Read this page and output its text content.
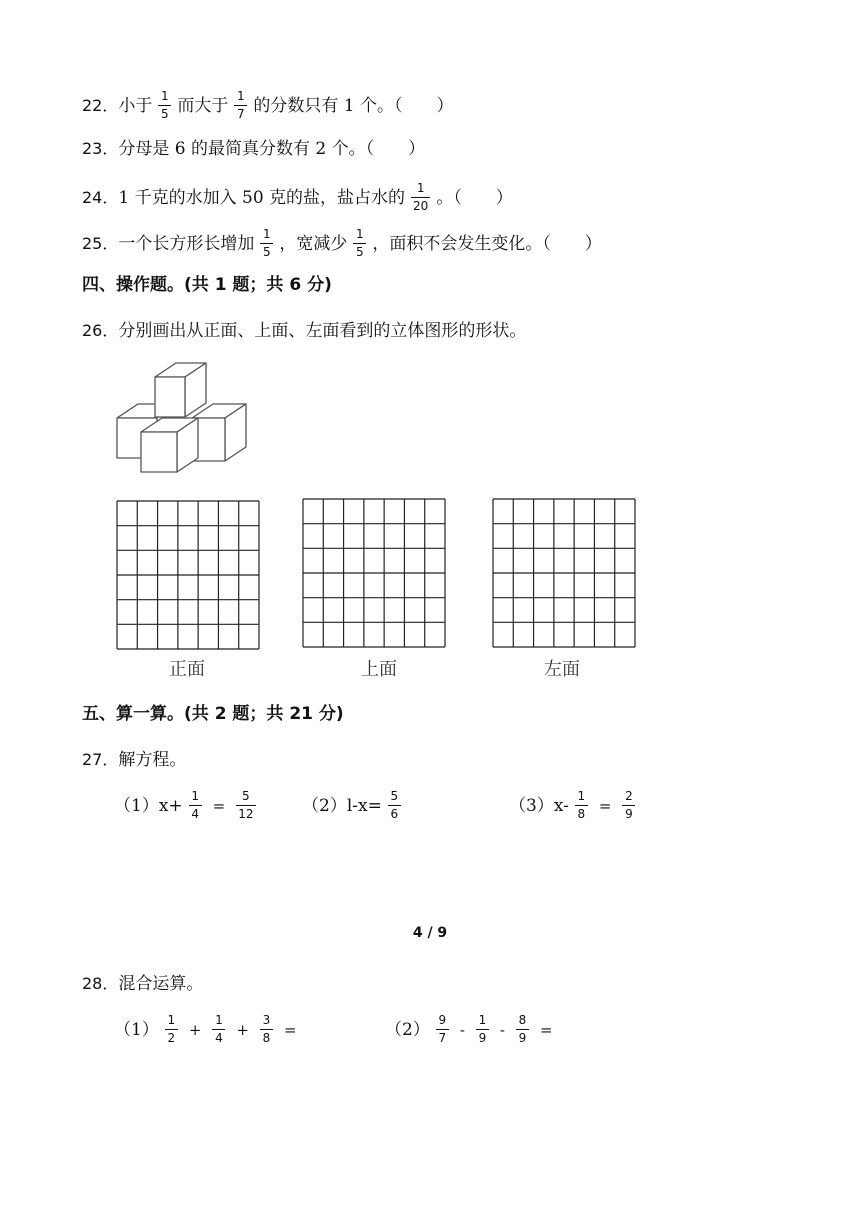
22． 小于 $\frac{1}{5}$ 而大于 $\frac{1}{7}$ 的分数只有 1 个。（　　）
23． 分母是 6 的最简真分数有 2 个。（　　）
24． 1 千克的水加入 50 克的盐，盐占水的 $\frac{1}{20}$ 。（　　）
25． 一个长方形长增加 $\frac{1}{5}$ ，宽减少 $\frac{1}{5}$ ，面积不会发生变化。（　　）
四、操作题。(共 1 题；共 6 分)
26． 分别画出从正面、上面、左面看到的立体图形的形状。
正面	上面	左面
五、算一算。(共 2 题；共 21 分)
27． 解方程。
$(1)x+ \frac{1}{4} = \frac{5}{12}$	$(2)l-x= \frac{5}{6}$	$(3)x- \frac{1}{8} = \frac{2}{9}$
28． 混合运算。
$(1) \frac{1}{2} + \frac{1}{4} + \frac{3}{8}$ =	$(2) \frac{9}{7} - \frac{1}{9} - \frac{8}{9}$ =
4 / 9
